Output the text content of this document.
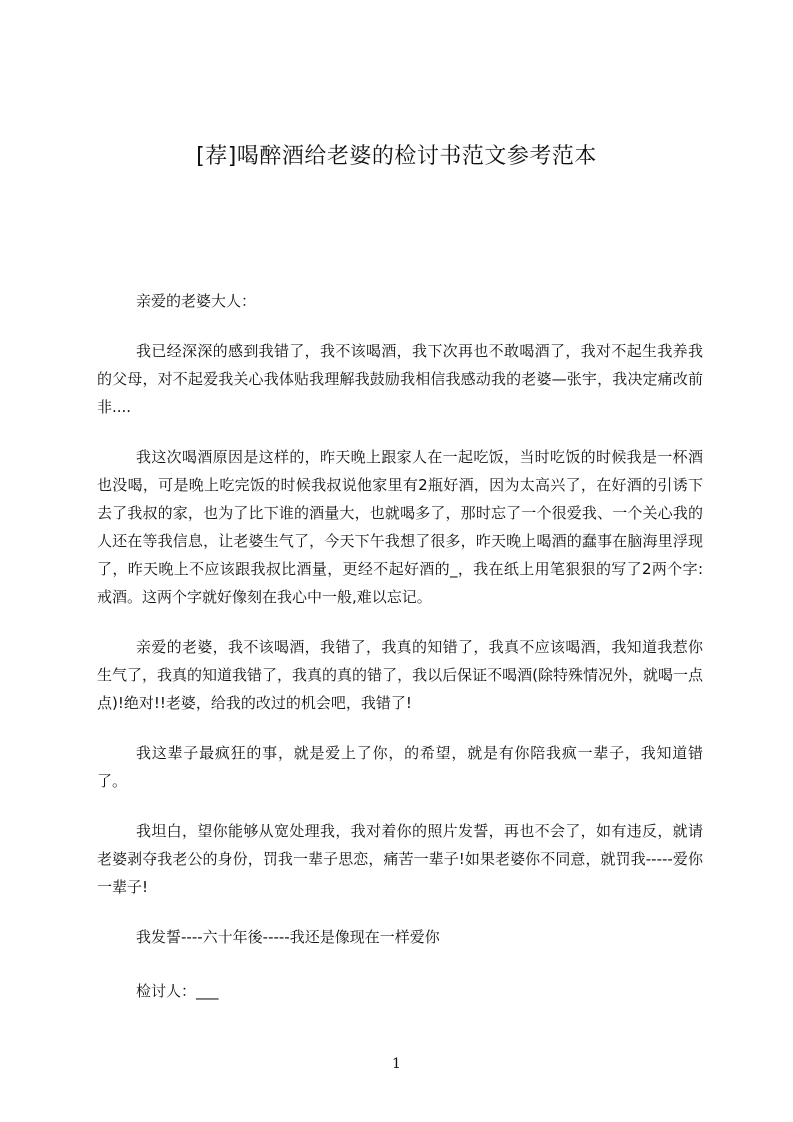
[荐]喝醉酒给老婆的检讨书范文参考范本

亲爱的老婆大人：

我已经深深的感到我错了，我不该喝酒，我下次再也不敢喝酒了，我对不起生我养我的父母，对不起爱我关心我体贴我理解我鼓励我相信我感动我的老婆—张宇，我决定痛改前非....

我这次喝酒原因是这样的，昨天晚上跟家人在一起吃饭，当时吃饭的时候我是一杯酒也没喝，可是晚上吃完饭的时候我叔说他家里有2瓶好酒，因为太高兴了，在好酒的引诱下去了我叔的家，也为了比下谁的酒量大，也就喝多了，那时忘了一个很爱我、一个关心我的人还在等我信息，让老婆生气了，今天下午我想了很多，昨天晚上喝酒的蠢事在脑海里浮现了，昨天晚上不应该跟我叔比酒量，更经不起好酒的_，我在纸上用笔狠狠的写了2两个字:戒酒。这两个字就好像刻在我心中一般,难以忘记。

亲爱的老婆，我不该喝酒，我错了，我真的知错了，我真不应该喝酒，我知道我惹你生气了，我真的知道我错了，我真的真的错了，我以后保证不喝酒(除特殊情况外，就喝一点点)!绝对!!老婆，给我的改过的机会吧，我错了!

我这辈子最疯狂的事，就是爱上了你，的希望，就是有你陪我疯一辈子，我知道错了。

我坦白，望你能够从宽处理我，我对着你的照片发誓，再也不会了，如有违反，就请老婆剥夺我老公的身份，罚我一辈子思恋，痛苦一辈子!如果老婆你不同意，就罚我-----爱你一辈子!

我发誓----六十年後-----我还是像现在一样爱你

检讨人：___

1
